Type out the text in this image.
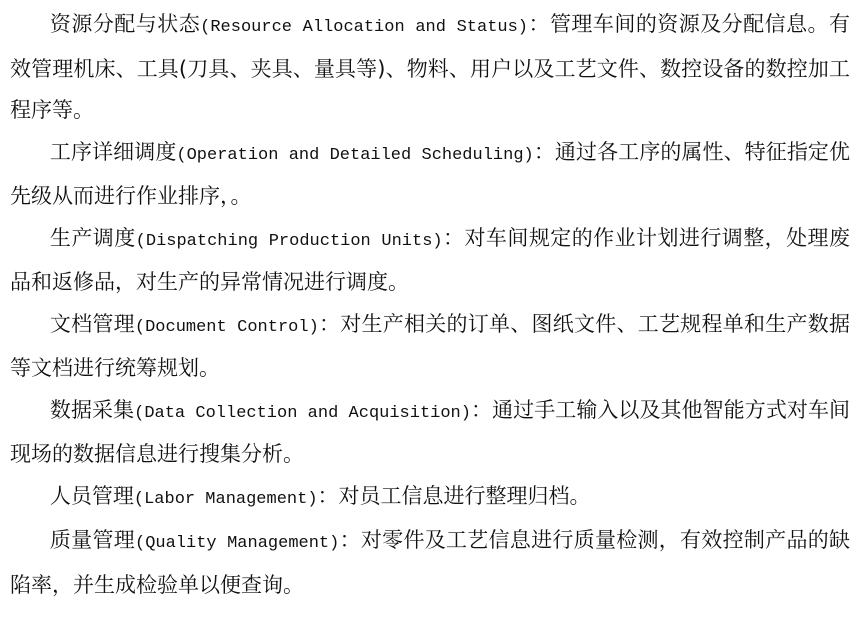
资源分配与状态(Resource Allocation and Status)：管理车间的资源及分配信息。有效管理机床、工具(刀具、夹具、量具等)、物料、用户以及工艺文件、数控设备的数控加工程序等。

工序详细调度(Operation and Detailed Scheduling)：通过各工序的属性、特征指定优先级从而进行作业排序，。

生产调度(Dispatching Production Units)：对车间规定的作业计划进行调整，处理废品和返修品，对生产的异常情况进行调度。

文档管理(Document Control)：对生产相关的订单、图纸文件、工艺规程单和生产数据等文档进行统筹规划。

数据采集(Data Collection and Acquisition)：通过手工输入以及其他智能方式对车间现场的数据信息进行搜集分析。

人员管理(Labor Management)：对员工信息进行整理归档。

质量管理(Quality Management)：对零件及工艺信息进行质量检测，有效控制产品的缺陷率，并生成检验单以便查询。
